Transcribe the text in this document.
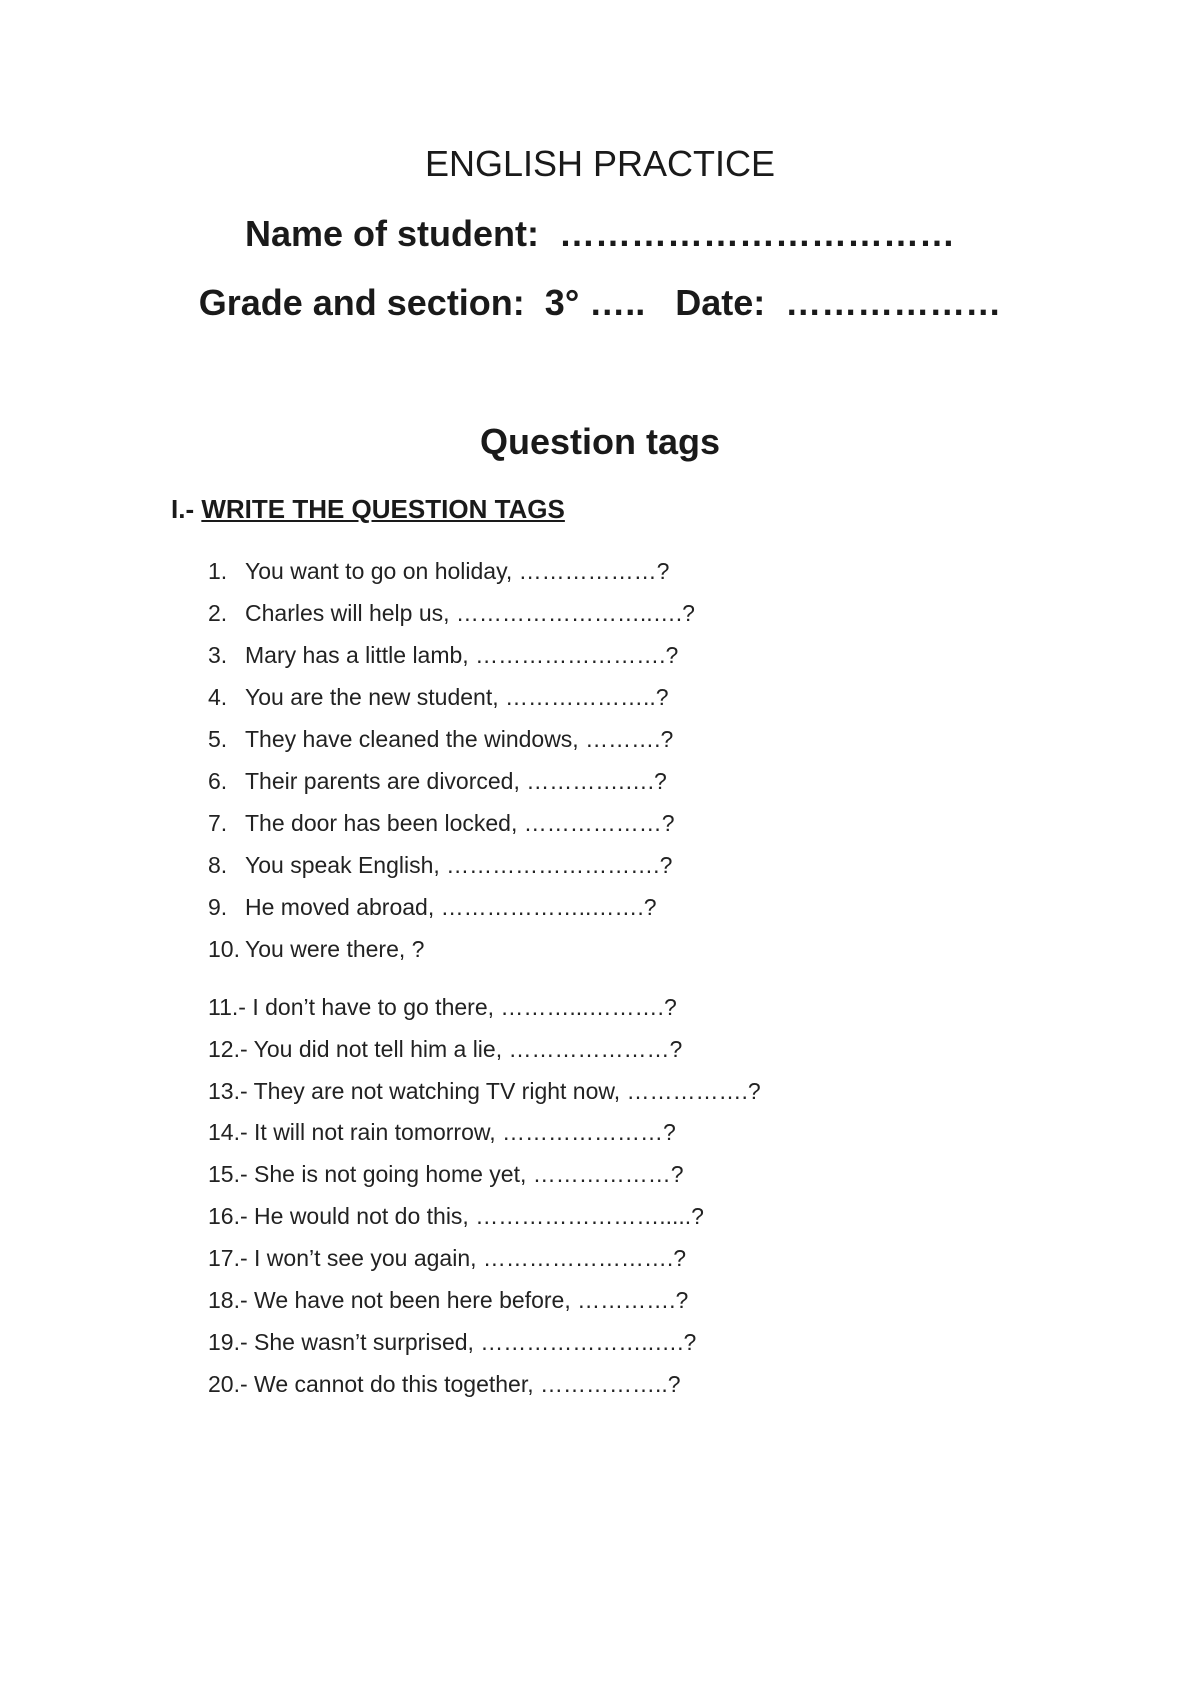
ENGLISH PRACTICE
Name of student: ……………………………
Grade and section: 3° ….. Date: ………………
Question tags
I.- WRITE THE QUESTION TAGS
1. You want to go on holiday, ………………?
2. Charles will help us, ……………………..….?
3. Mary has a little lamb, …………………….?
4. You are the new student, ………………..?
5. They have cleaned the windows, ……….?
6. Their parents are divorced, ………….….?
7. The door has been locked, ………………?
8. You speak English, ……………………….?
9. He moved abroad, ………………..…….?
10. You were there, ?
11.- I don’t have to go there, ………...……….?
12.- You did not tell him a lie, …………………?
13.- They are not watching TV right now, …………….?
14.- It will not rain tomorrow, …………………?
15.- She is not going home yet, ………………?
16.- He would not do this, …………………….....?
17.- I won’t see you again, …………………….?
18.- We have not been here before, ………….?
19.- She wasn’t surprised, …………………..….?
20.- We cannot do this together, ……………..?
